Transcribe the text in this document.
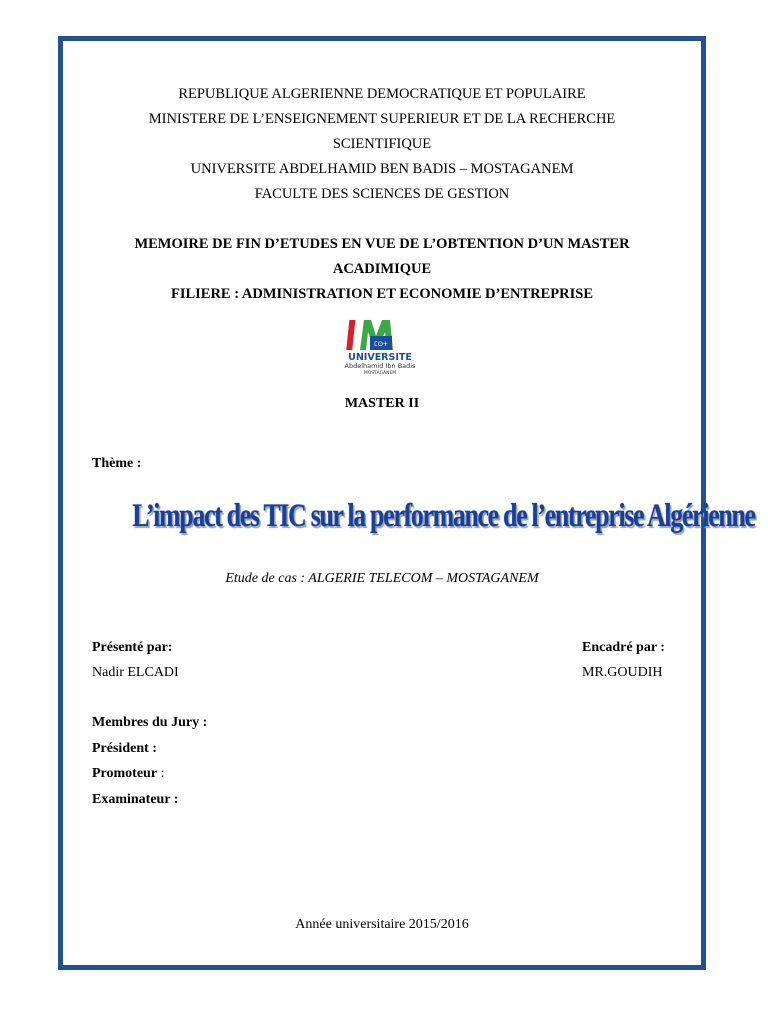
REPUBLIQUE ALGERIENNE DEMOCRATIQUE ET POPULAIRE
MINISTERE DE L’ENSEIGNEMENT SUPERIEUR ET DE LA RECHERCHE
SCIENTIFIQUE
UNIVERSITE ABDELHAMID BEN BADIS – MOSTAGANEM
FACULTE DES SCIENCES DE GESTION
MEMOIRE DE FIN D’ETUDES EN VUE DE L’OBTENTION D’UN MASTER
ACADIMIQUE
FILIERE : ADMINISTRATION ET ECONOMIE D’ENTREPRISE
ⵎⵙⵜ
UNIVERSITE
Abdelhamid Ibn Badis
MOSTAGANEM
MASTER II
Thème :
L’impact des TIC sur la performance de l’entreprise Algérienne
Etude de cas : ALGERIE TELECOM – MOSTAGANEM
Présenté par:
Nadir ELCADI
Encadré par :
MR.GOUDIH
Membres du Jury :
Président :
Promoteur :
Examinateur :
Année universitaire 2015/2016
